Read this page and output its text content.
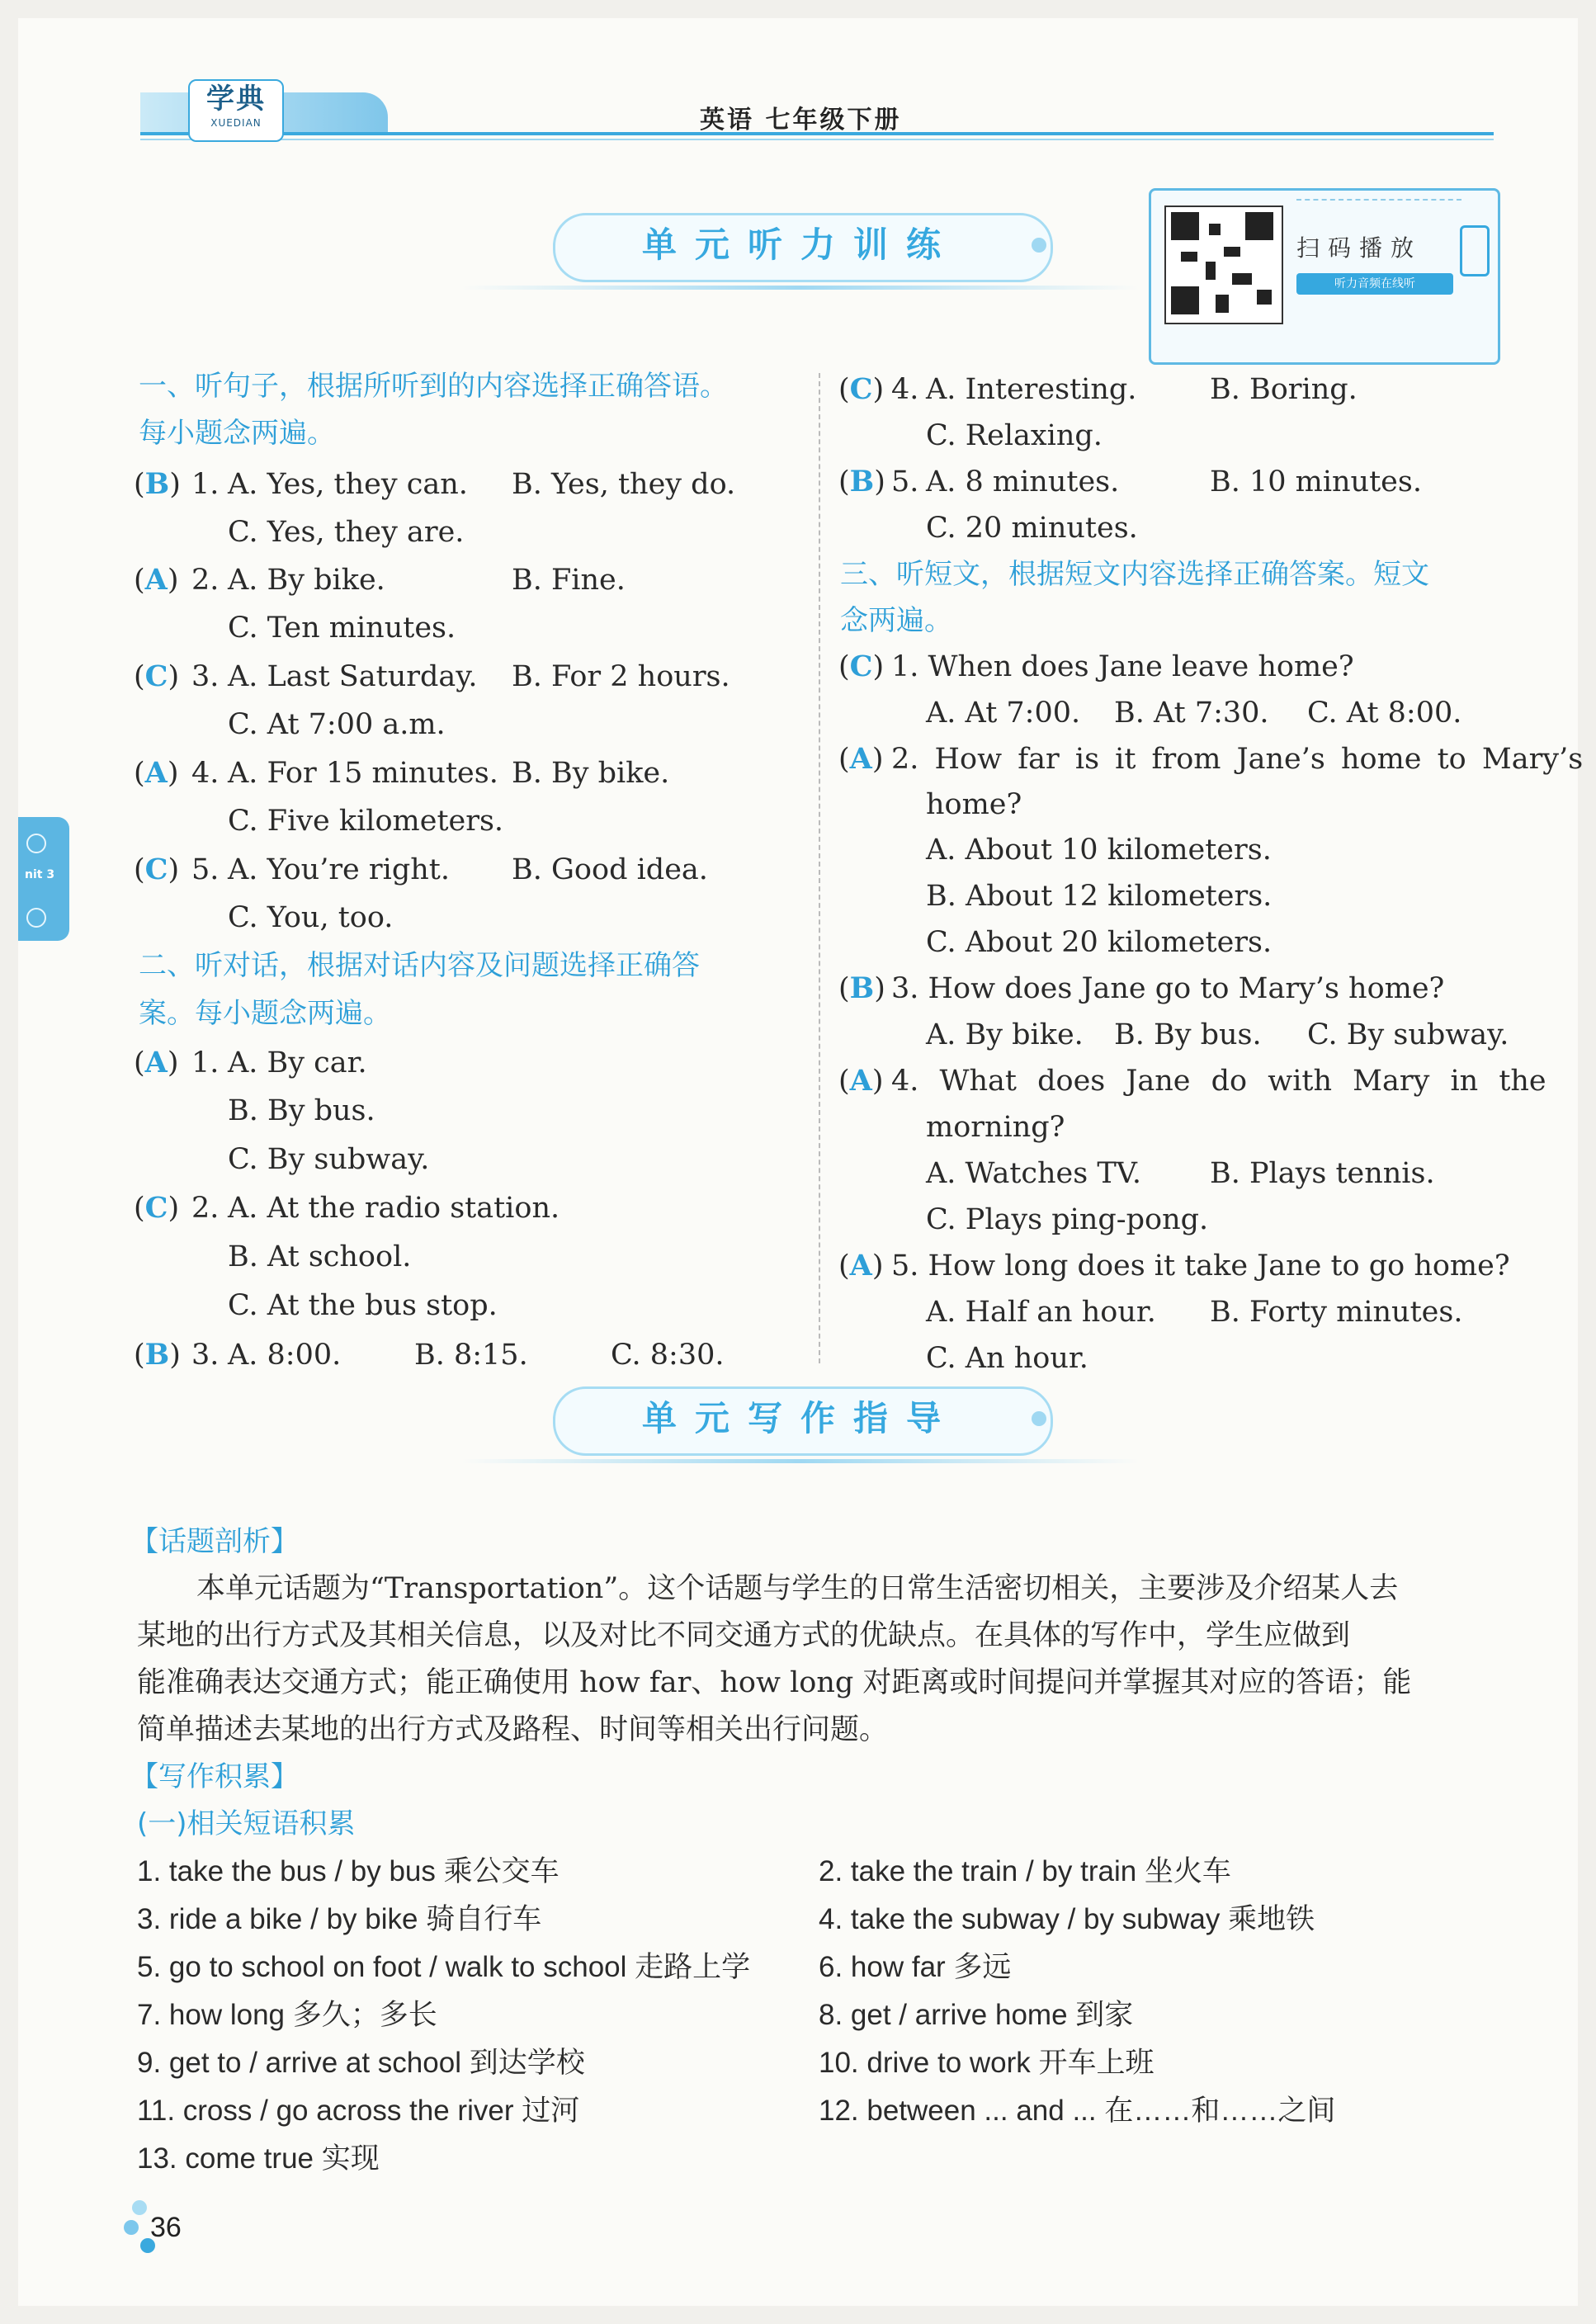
学典
XUEDIAN	英语 七年级下册
单元听力训练	扫码播放
听力音频在线听
nit 3
一、听句子，根据所听到的内容选择正确答语。
每小题念两遍。
(B) 1. A. Yes, they can. B. Yes, they do.
C. Yes, they are.
(A) 2. A. By bike.	B. Fine.
C. Ten minutes.
(C) 3. A. Last Saturday. B. For 2 hours.
C. At 7:00 a.m.
(A) 4. A. For 15 minutes. B. By bike.
C. Five kilometers.
(C) 5. A. You’re right. B. Good idea.
C. You, too.
二、听对话，根据对话内容及问题选择正确答
案。每小题念两遍。
(A) 1. A. By car.
B. By bus.
C. By subway.
(C) 2. A. At the radio station.
B. At school.
C. At the bus stop.
(B) 3. A. 8:00.	B. 8:15.	C. 8:30.
(C) 4. A. Interesting.	B. Boring.
C. Relaxing.
(B) 5. A. 8 minutes.	B. 10 minutes.
C. 20 minutes.
三、听短文，根据短文内容选择正确答案。短文
念两遍。
(C) 1. When does Jane leave home?
A. At 7:00. B. At 7:30. C. At 8:00.
(A) 2. How far is it from Jane’s home to Mary’s
home?
A. About 10 kilometers.
B. About 12 kilometers.
C. About 20 kilometers.
(B) 3. How does Jane go to Mary’s home?
A. By bike. B. By bus. C. By subway.
(A) 4. What does Jane do with Mary in the
morning?
A. Watches TV. B. Plays tennis.
C. Plays ping-pong.
(A) 5. How long does it take Jane to go home?
A. Half an hour. B. Forty minutes.
C. An hour.
单元写作指导
【话题剖析】
本单元话题为“Transportation”。这个话题与学生的日常生活密切相关，主要涉及介绍某人去
某地的出行方式及其相关信息，以及对比不同交通方式的优缺点。在具体的写作中，学生应做到
能准确表达交通方式；能正确使用 how far、how long 对距离或时间提问并掌握其对应的答语；能
简单描述去某地的出行方式及路程、时间等相关出行问题。
【写作积累】
(一)相关短语积累
1. take the bus / by bus 乘公交车	2. take the train / by train 坐火车
3. ride a bike / by bike 骑自行车	4. take the subway / by subway 乘地铁
5. go to school on foot / walk to school 走路上学 6. how far 多远
7. how long 多久；多长	8. get / arrive home 到家
9. get to / arrive at school 到达学校	10. drive to work 开车上班
11. cross / go across the river 过河	12. between ... and ... 在……和……之间
13. come true 实现
36
